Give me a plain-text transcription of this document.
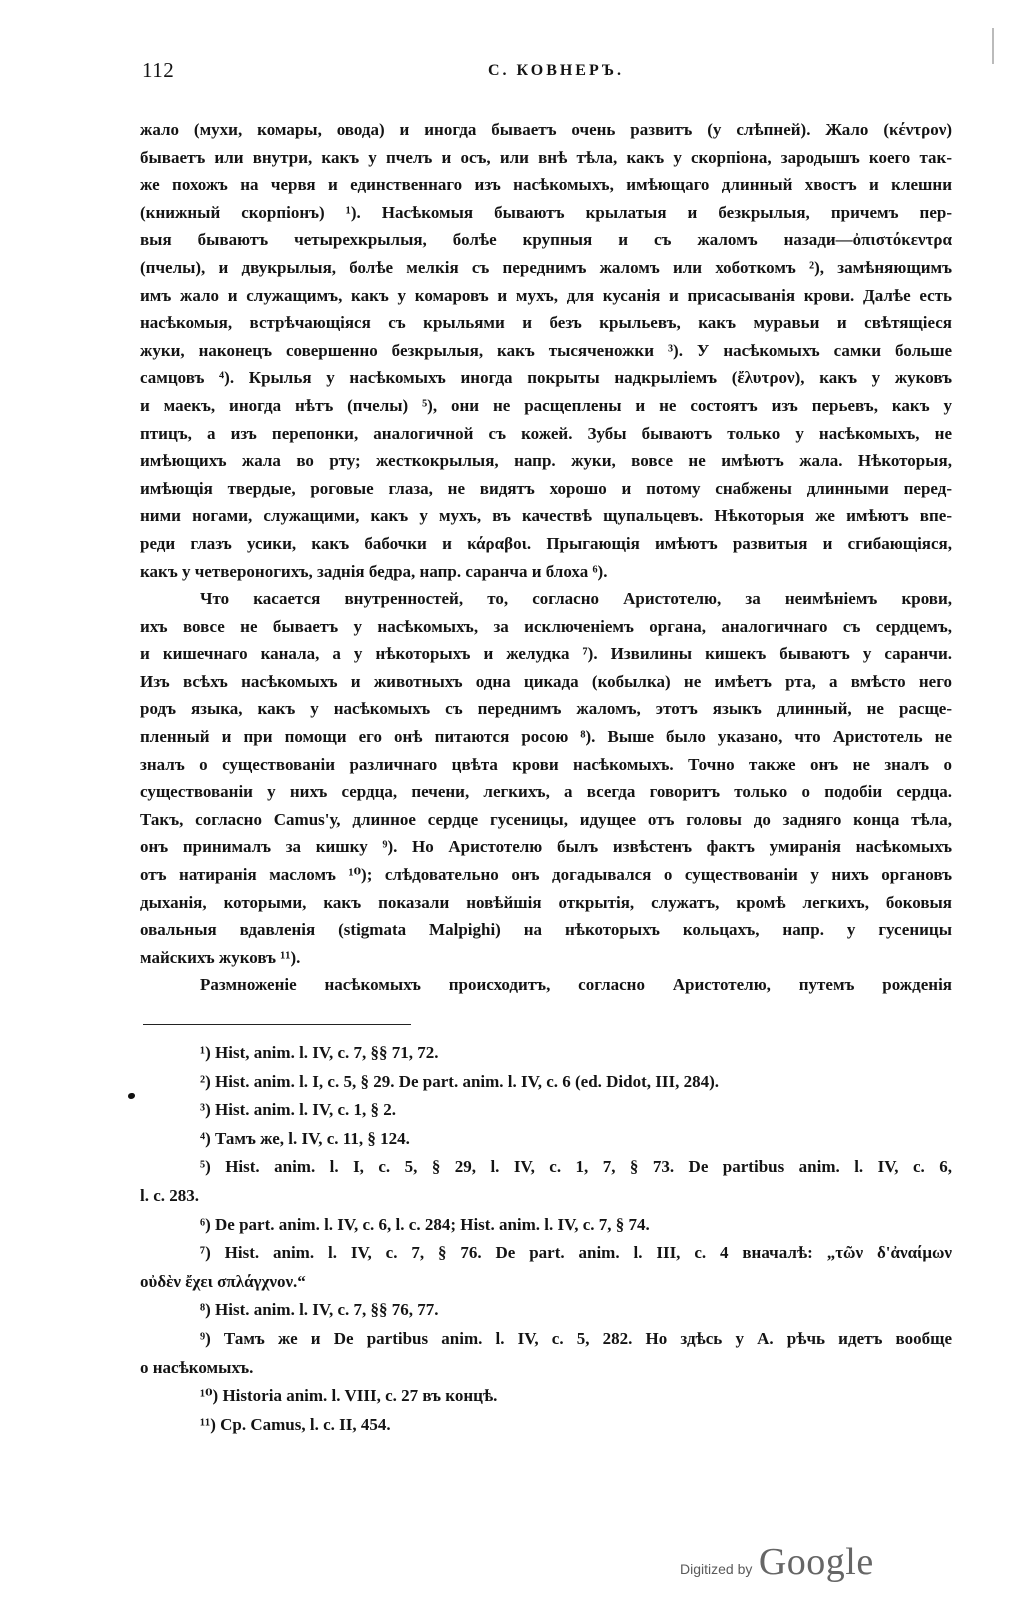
112	С. КОВНЕРЪ.
жало (мухи, комары, овода) и иногда бываетъ очень развитъ (у слѣпней). Жало (κέντρον)
бываетъ или внутри, какъ у пчелъ и осъ, или внѣ тѣла, какъ у скорпіона, зародышъ коего так-
же похожъ на червя и единственнаго изъ насѣкомыхъ, имѣющаго длинный хвостъ и клешни
(книжный скорпіонъ) ¹). Насѣкомыя бываютъ крылатыя и безкрылыя, причемъ пер-
выя бываютъ четырехкрылыя, болѣе крупныя и съ жаломъ назади—ὀπιστόκεντρα
(пчелы), и двукрылыя, болѣе мелкія съ переднимъ жаломъ или хоботкомъ ²), замѣняющимъ
имъ жало и служащимъ, какъ у комаровъ и мухъ, для кусанія и присасыванія крови. Далѣе есть
насѣкомыя, встрѣчающіяся съ крыльями и безъ крыльевъ, какъ муравьи и свѣтящіеся
жуки, наконецъ совершенно безкрылыя, какъ тысяченожки ³). У насѣкомыхъ самки больше
самцовъ ⁴). Крылья у насѣкомыхъ иногда покрыты надкрыліемъ (ἔλυτρον), какъ у жуковъ
и маекъ, иногда нѣтъ (пчелы) ⁵), они не расщеплены и не состоятъ изъ перьевъ, какъ у
птицъ, а изъ перепонки, аналогичной съ кожей. Зубы бываютъ только у насѣкомыхъ, не
имѣющихъ жала во рту; жесткокрылыя, напр. жуки, вовсе не имѣютъ жала. Нѣкоторыя,
имѣющія твердые, роговые глаза, не видятъ хорошо и потому снабжены длинными перед-
ними ногами, служащими, какъ у мухъ, въ качествѣ щупальцевъ. Нѣкоторыя же имѣютъ впе-
реди глазъ усики, какъ бабочки и κάραβοι. Прыгающія имѣютъ развитыя и сгибающіяся,
какъ у четвероногихъ, заднія бедра, напр. саранча и блоха ⁶).
Что касается внутренностей, то, согласно Аристотелю, за неимѣніемъ крови,
ихъ вовсе не бываетъ у насѣкомыхъ, за исключеніемъ органа, аналогичнаго съ сердцемъ,
и кишечнаго канала, а у нѣкоторыхъ и желудка ⁷). Извилины кишекъ бываютъ у саранчи.
Изъ всѣхъ насѣкомыхъ и животныхъ одна цикада (кобылка) не имѣетъ рта, а вмѣсто него
родъ языка, какъ у насѣкомыхъ съ переднимъ жаломъ, этотъ языкъ длинный, не расще-
пленный и при помощи его онѣ питаются росою ⁸). Выше было указано, что Аристотель не
зналъ о существованіи различнаго цвѣта крови насѣкомыхъ. Точно также онъ не зналъ о
существованіи у нихъ сердца, печени, легкихъ, а всегда говоритъ только о подобіи сердца.
Такъ, согласно Camus'у, длинное сердце гусеницы, идущее отъ головы до задняго конца тѣла,
онъ принималъ за кишку ⁹). Но Аристотелю былъ извѣстенъ фактъ умиранія насѣкомыхъ
отъ натиранія масломъ ¹⁰); слѣдовательно онъ догадывался о существованіи у нихъ органовъ
дыханія, которыми, какъ показали новѣйшія открытія, служатъ, кромѣ легкихъ, боковыя
овальныя вдавленія (stigmata Malpighi) на нѣкоторыхъ кольцахъ, напр. у гусеницы
майскихъ жуковъ ¹¹).
Размноженіе насѣкомыхъ происходитъ, согласно Аристотелю, путемъ рожденія
¹) Hist, anim. l. IV, c. 7, §§ 71, 72.
²) Hist. anim. l. I, c. 5, § 29. De part. anim. l. IV, c. 6 (ed. Didot, III, 284).
³) Hist. anim. l. IV, c. 1, § 2.
⁴) Тамъ же, l. IV, c. 11, § 124.
⁵) Hist. anim. l. I, c. 5, § 29, l. IV, c. 1, 7, § 73. De partibus anim. l. IV, c. 6,
l. c. 283.
⁶) De part. anim. l. IV, c. 6, l. c. 284; Hist. anim. l. IV, c. 7, § 74.
⁷) Hist. anim. l. IV, c. 7, § 76. De part. anim. l. III, c. 4 вначалѣ: „τῶν δ'ἀναίμων
οὐδὲν ἔχει σπλάγχνον.“
⁸) Hist. anim. l. IV, c. 7, §§ 76, 77.
⁹) Тамъ же и De partibus anim. l. IV, c. 5, 282. Но здѣсь у А. рѣчь идетъ вообще
о насѣкомыхъ.
¹⁰) Historia anim. l. VIII, c. 27 въ концѣ.
¹¹) Ср. Camus, l. c. II, 454.
Digitized by Google
